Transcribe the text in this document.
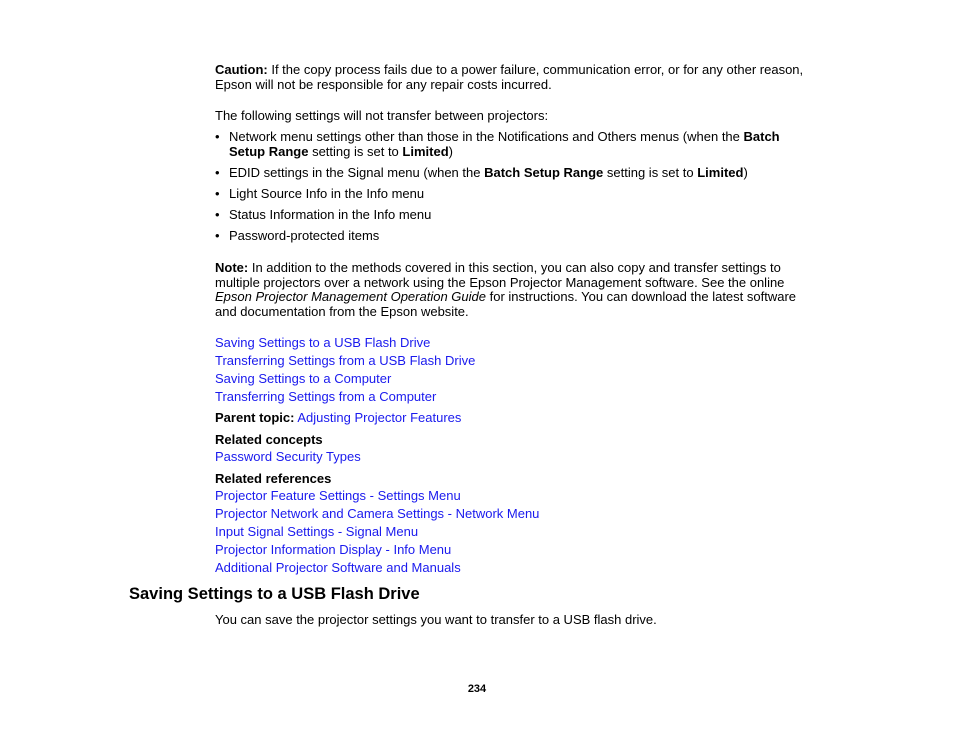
Caution: If the copy process fails due to a power failure, communication error, or for any other reason, Epson will not be responsible for any repair costs incurred.

The following settings will not transfer between projectors:

• Network menu settings other than those in the Notifications and Others menus (when the Batch Setup Range setting is set to Limited)
• EDID settings in the Signal menu (when the Batch Setup Range setting is set to Limited)
• Light Source Info in the Info menu
• Status Information in the Info menu
• Password-protected items

Note: In addition to the methods covered in this section, you can also copy and transfer settings to multiple projectors over a network using the Epson Projector Management software. See the online Epson Projector Management Operation Guide for instructions. You can download the latest software and documentation from the Epson website.

Saving Settings to a USB Flash Drive
Transferring Settings from a USB Flash Drive
Saving Settings to a Computer
Transferring Settings from a Computer

Parent topic: Adjusting Projector Features

Related concepts

Password Security Types

Related references

Projector Feature Settings - Settings Menu
Projector Network and Camera Settings - Network Menu
Input Signal Settings - Signal Menu
Projector Information Display - Info Menu
Additional Projector Software and Manuals
Saving Settings to a USB Flash Drive

You can save the projector settings you want to transfer to a USB flash drive.

234
